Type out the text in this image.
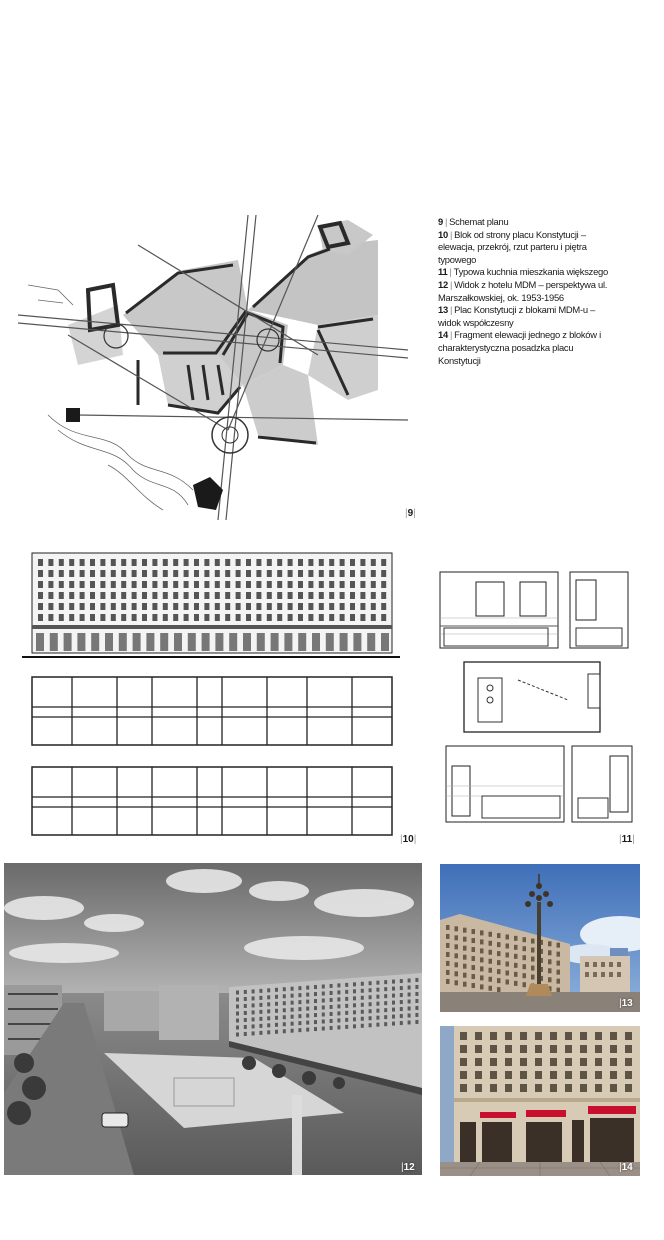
9 | Schemat planu
10 | Blok od strony placu Konstytucji – elewacja, przekrój, rzut parteru i piętra typowego
11 | Typowa kuchnia mieszkania większego
12 | Widok z hotelu MDM – perspektywa ul. Marszałkowskiej, ok. 1953-1956
13 | Plac Konstytucji z blokami MDM-u – widok współczesny
14 | Fragment elewacji jednego z bloków i charakterystyczna posadzka placu Konstytucji
|9|
|10|	|11|
|12
|13
|14
